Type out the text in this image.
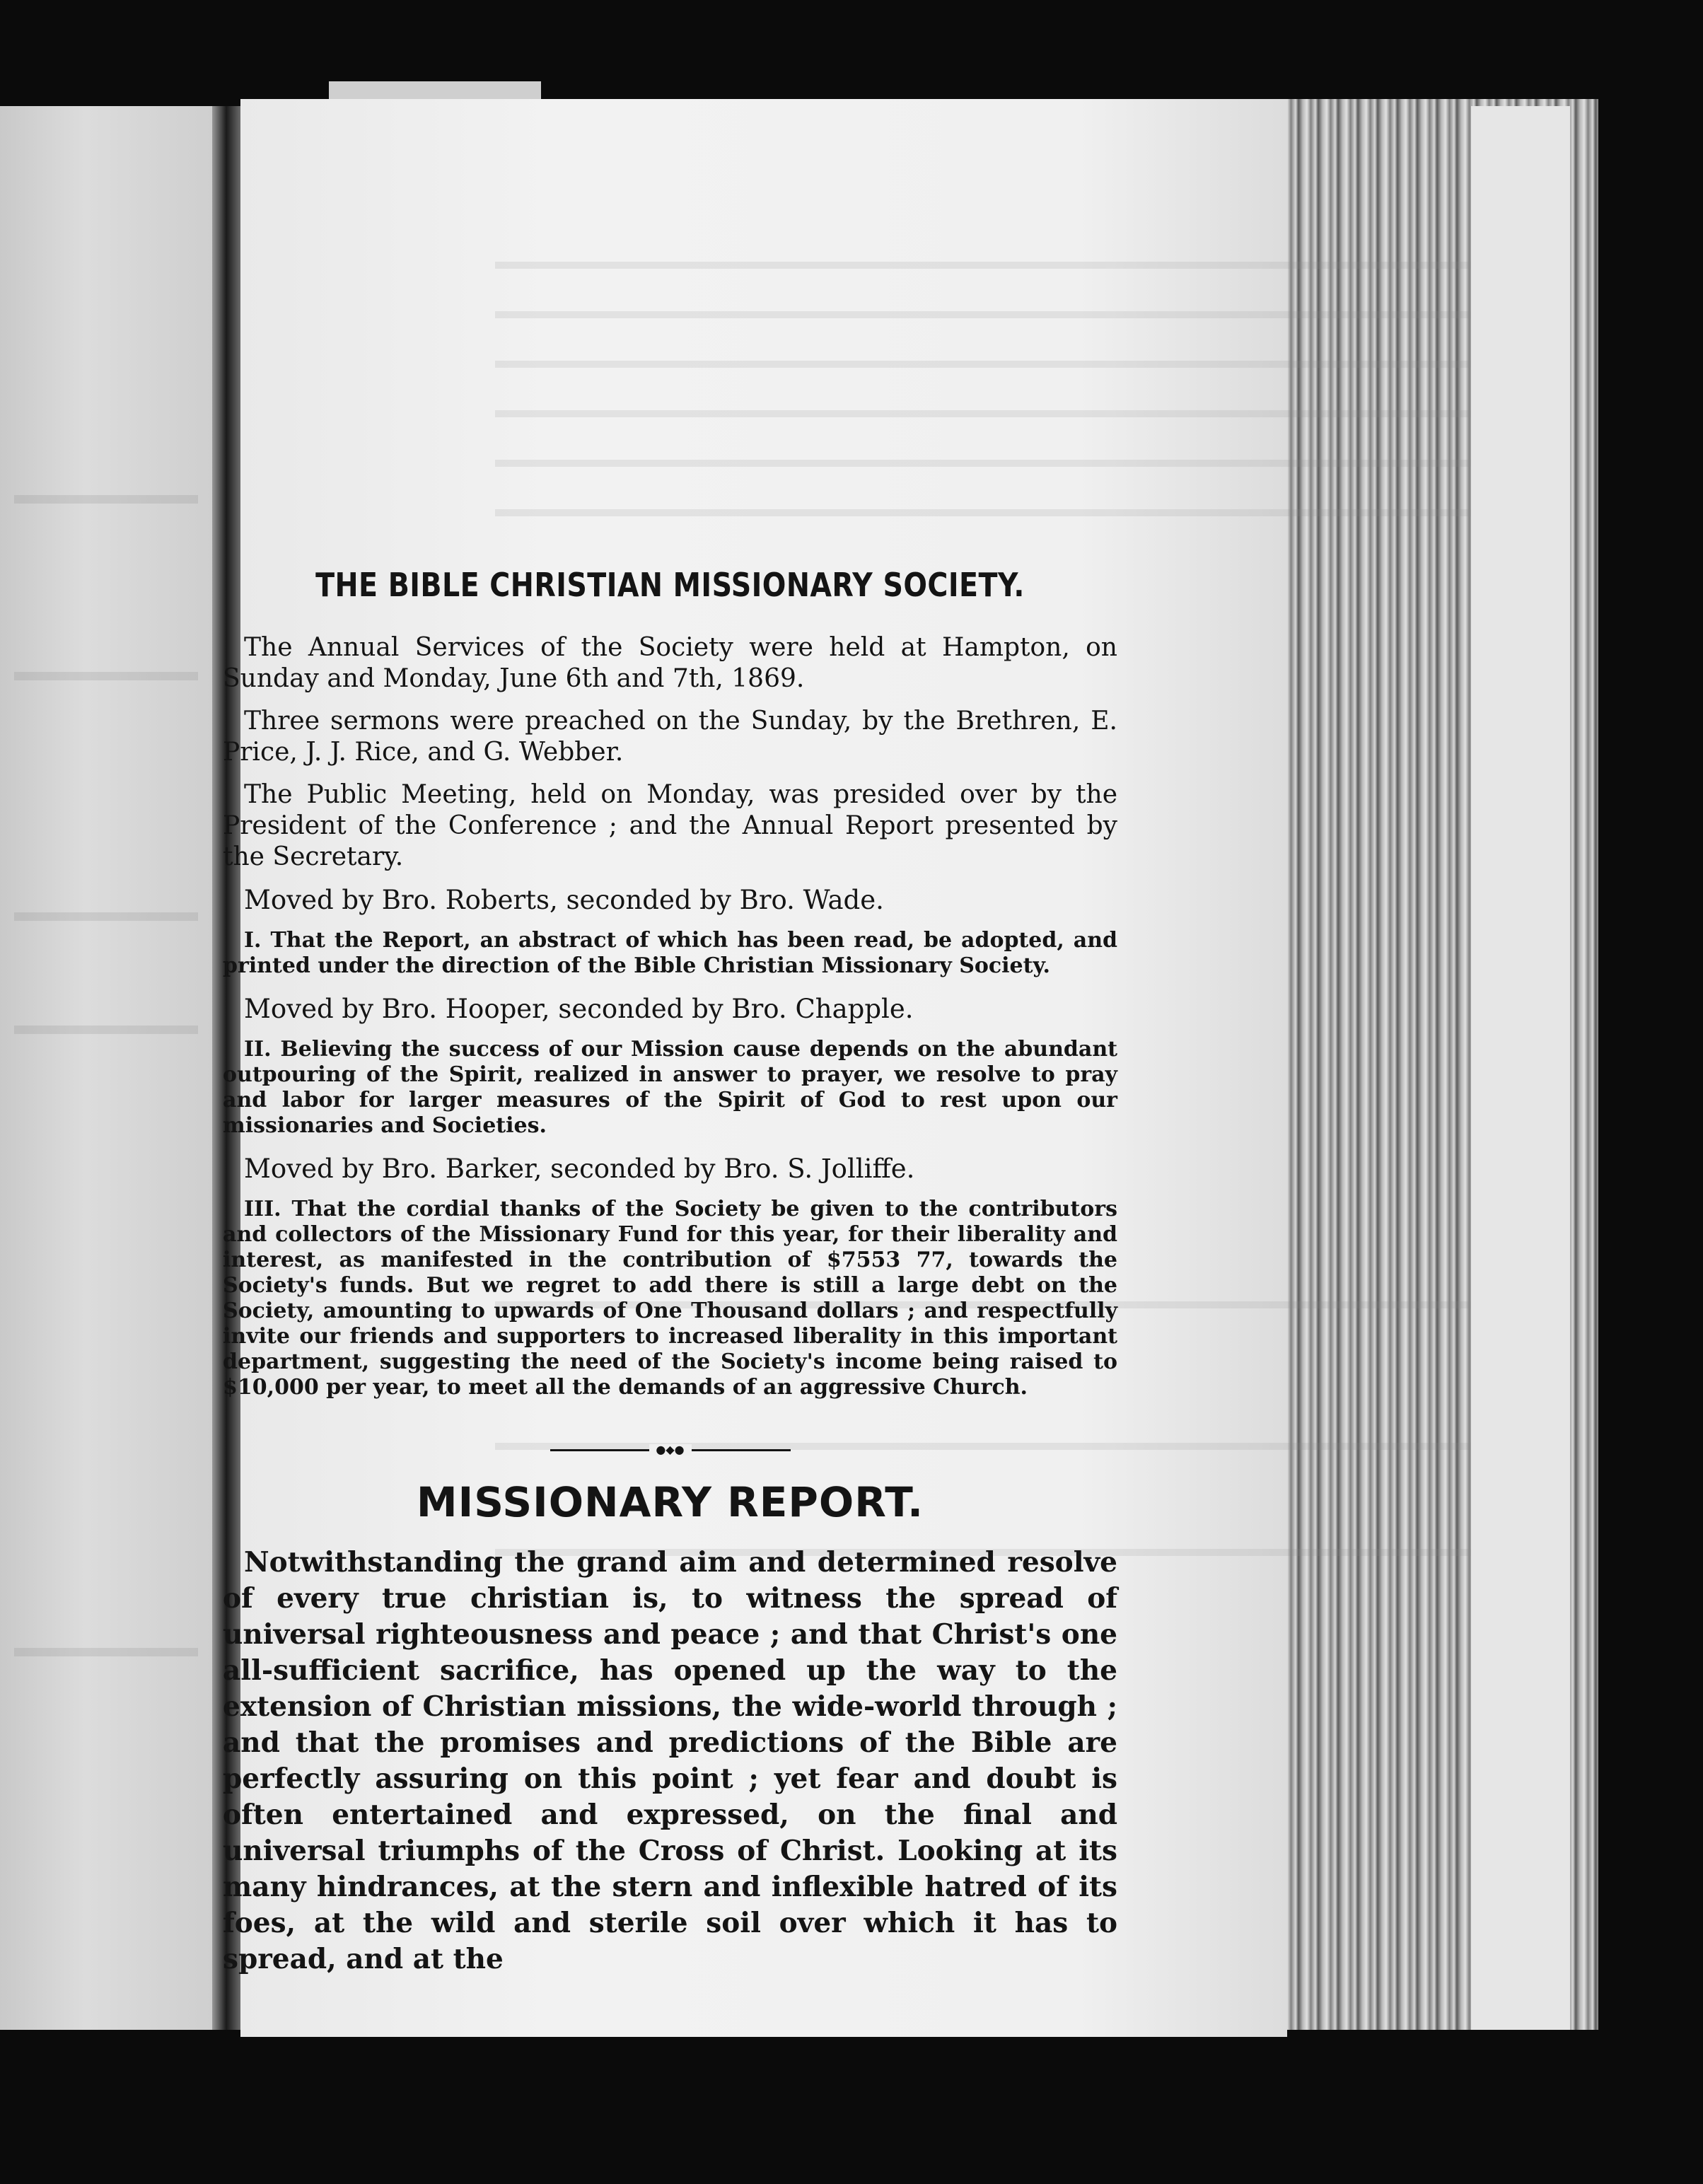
THE BIBLE CHRISTIAN MISSIONARY SOCIETY.

The Annual Services of the Society were held at Hampton, on Sunday and Monday, June 6th and 7th, 1869.

Three sermons were preached on the Sunday, by the Brethren, E. Price, J. J. Rice, and G. Webber.

The Public Meeting, held on Monday, was presided over by the President of the Conference ; and the Annual Report presented by the Secretary.

Moved by Bro. Roberts, seconded by Bro. Wade.

I. That the Report, an abstract of which has been read, be adopted, and printed under the direction of the Bible Christian Missionary Society.

Moved by Bro. Hooper, seconded by Bro. Chapple.

II. Believing the success of our Mission cause depends on the abundant outpouring of the Spirit, realized in answer to prayer, we resolve to pray and labor for larger measures of the Spirit of God to rest upon our missionaries and Societies.

Moved by Bro. Barker, seconded by Bro. S. Jolliffe.

III. That the cordial thanks of the Society be given to the contributors and collectors of the Missionary Fund for this year, for their liberality and interest, as manifested in the contribution of $7553 77, towards the Society's funds. But we regret to add there is still a large debt on the Society, amounting to upwards of One Thousand dollars ; and respectfully invite our friends and supporters to increased liberality in this important department, suggesting the need of the Society's income being raised to $10,000 per year, to meet all the demands of an aggressive Church.

●◆●
MISSIONARY REPORT.

Notwithstanding the grand aim and determined resolve of every true christian is, to witness the spread of universal righteousness and peace ; and that Christ's one all-sufficient sacrifice, has opened up the way to the extension of Christian missions, the wide-world through ; and that the promises and predictions of the Bible are perfectly assuring on this point ; yet fear and doubt is often entertained and expressed, on the final and universal triumphs of the Cross of Christ. Looking at its many hindrances, at the stern and inflexible hatred of its foes, at the wild and sterile soil over which it has to spread, and at the
